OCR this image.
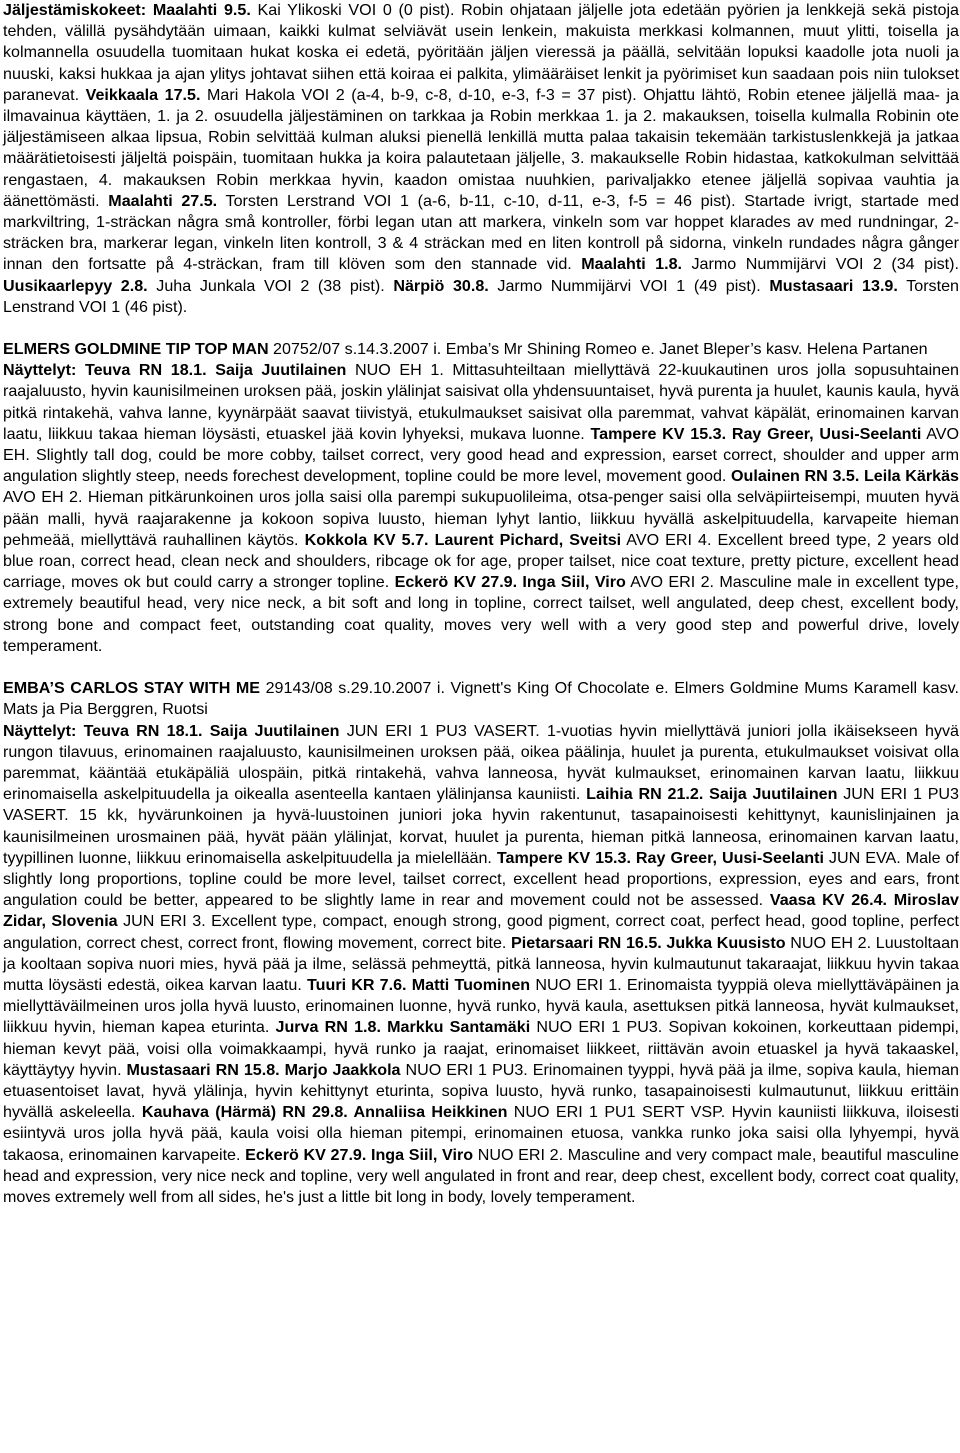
Jäljestämiskokeet: Maalahti 9.5. Kai Ylikoski VOI 0 (0 pist). Robin ohjataan jäljelle jota edetään pyörien ja lenkkejä sekä pistoja tehden, välillä pysähdytään uimaan, kaikki kulmat selviävät usein lenkein, makuista merkkasi kolmannen, muut ylitti, toisella ja kolmannella osuudella tuomitaan hukat koska ei edetä, pyöritään jäljen vieressä ja päällä, selvitään lopuksi kaadolle jota nuoli ja nuuski, kaksi hukkaa ja ajan ylitys johtavat siihen että koiraa ei palkita, ylimääräiset lenkit ja pyörimiset kun saadaan pois niin tulokset paranevat. Veikkaala 17.5. Mari Hakola VOI 2 (a-4, b-9, c-8, d-10, e-3, f-3 = 37 pist). Ohjattu lähtö, Robin etenee jäljellä maa- ja ilmavainua käyttäen, 1. ja 2. osuudella jäljestäminen on tarkkaa ja Robin merkkaa 1. ja 2. makauksen, toisella kulmalla Robinin ote jäljestämiseen alkaa lipsua, Robin selvittää kulman aluksi pienellä lenkillä mutta palaa takaisin tekemään tarkistuslenkkejä ja jatkaa määrätietoisesti jäljeltä poispäin, tuomitaan hukka ja koira palautetaan jäljelle, 3. makaukselle Robin hidastaa, katkokulman selvittää rengastaen, 4. makauksen Robin merkkaa hyvin, kaadon omistaa nuuhkien, parivaljakko etenee jäljellä sopivaa vauhtia ja äänettömästi. Maalahti 27.5. Torsten Lerstrand VOI 1 (a-6, b-11, c-10, d-11, e-3, f-5 = 46 pist). Startade ivrigt, startade med markviltring, 1-sträckan några små kontroller, förbi legan utan att markera, vinkeln som var hoppet klarades av med rundningar, 2-sträcken bra, markerar legan, vinkeln liten kontroll, 3 & 4 sträckan med en liten kontroll på sidorna, vinkeln rundades några gånger innan den fortsatte på 4-sträckan, fram till klöven som den stannade vid. Maalahti 1.8. Jarmo Nummijärvi VOI 2 (34 pist). Uusikaarlepyy 2.8. Juha Junkala VOI 2 (38 pist). Närpiö 30.8. Jarmo Nummijärvi VOI 1 (49 pist). Mustasaari 13.9. Torsten Lenstrand VOI 1 (46 pist).

ELMERS GOLDMINE TIP TOP MAN 20752/07 s.14.3.2007 i. Emba’s Mr Shining Romeo e. Janet Bleper’s kasv. Helena Partanen

Näyttelyt: Teuva RN 18.1. Saija Juutilainen NUO EH 1. Mittasuhteiltaan miellyttävä 22-kuukautinen uros jolla sopusuhtainen raajaluusto, hyvin kaunisilmeinen uroksen pää, joskin ylälinjat saisivat olla yhdensuuntaiset, hyvä purenta ja huulet, kaunis kaula, hyvä pitkä rintakehä, vahva lanne, kyynärpäät saavat tiivistyä, etukulmaukset saisivat olla paremmat, vahvat käpälät, erinomainen karvan laatu, liikkuu takaa hieman löysästi, etuaskel jää kovin lyhyeksi, mukava luonne. Tampere KV 15.3. Ray Greer, Uusi-Seelanti AVO EH. Slightly tall dog, could be more cobby, tailset correct, very good head and expression, earset correct, shoulder and upper arm angulation slightly steep, needs forechest development, topline could be more level, movement good. Oulainen RN 3.5. Leila Kärkäs AVO EH 2. Hieman pitkärunkoinen uros jolla saisi olla parempi sukupuolileima, otsa-penger saisi olla selväpiirteisempi, muuten hyvä pään malli, hyvä raajarakenne ja kokoon sopiva luusto, hieman lyhyt lantio, liikkuu hyvällä askelpituudella, karvapeite hieman pehmeää, miellyttävä rauhallinen käytös. Kokkola KV 5.7. Laurent Pichard, Sveitsi AVO ERI 4. Excellent breed type, 2 years old blue roan, correct head, clean neck and shoulders, ribcage ok for age, proper tailset, nice coat texture, pretty picture, excellent head carriage, moves ok but could carry a stronger topline. Eckerö KV 27.9. Inga Siil, Viro AVO ERI 2. Masculine male in excellent type, extremely beautiful head, very nice neck, a bit soft and long in topline, correct tailset, well angulated, deep chest, excellent body, strong bone and compact feet, outstanding coat quality, moves very well with a very good step and powerful drive, lovely temperament.

EMBA’S CARLOS STAY WITH ME 29143/08 s.29.10.2007 i. Vignett's King Of Chocolate e. Elmers Goldmine Mums Karamell kasv. Mats ja Pia Berggren, Ruotsi

Näyttelyt: Teuva RN 18.1. Saija Juutilainen JUN ERI 1 PU3 VASERT. 1-vuotias hyvin miellyttävä juniori jolla ikäisekseen hyvä rungon tilavuus, erinomainen raajaluusto, kaunisilmeinen uroksen pää, oikea päälinja, huulet ja purenta, etukulmaukset voisivat olla paremmat, kääntää etukäpäliä ulospäin, pitkä rintakehä, vahva lanneosa, hyvät kulmaukset, erinomainen karvan laatu, liikkuu erinomaisella askelpituudella ja oikealla asenteella kantaen ylälinjansa kauniisti. Laihia RN 21.2. Saija Juutilainen JUN ERI 1 PU3 VASERT. 15 kk, hyvärunkoinen ja hyvä-luustoinen juniori joka hyvin rakentunut, tasapainoisesti kehittynyt, kaunislinjainen ja kaunisilmeinen urosmainen pää, hyvät pään ylälinjat, korvat, huulet ja purenta, hieman pitkä lanneosa, erinomainen karvan laatu, tyypillinen luonne, liikkuu erinomaisella askelpituudella ja mielellään. Tampere KV 15.3. Ray Greer, Uusi-Seelanti JUN EVA. Male of slightly long proportions, topline could be more level, tailset correct, excellent head proportions, expression, eyes and ears, front angulation could be better, appeared to be slightly lame in rear and movement could not be assessed. Vaasa KV 26.4. Miroslav Zidar, Slovenia JUN ERI 3. Excellent type, compact, enough strong, good pigment, correct coat, perfect head, good topline, perfect angulation, correct chest, correct front, flowing movement, correct bite. Pietarsaari RN 16.5. Jukka Kuusisto NUO EH 2. Luustoltaan ja kooltaan sopiva nuori mies, hyvä pää ja ilme, selässä pehmeyttä, pitkä lanneosa, hyvin kulmautunut takaraajat, liikkuu hyvin takaa mutta löysästi edestä, oikea karvan laatu. Tuuri KR 7.6. Matti Tuominen NUO ERI 1. Erinomaista tyyppiä oleva miellyttäväpäinen ja miellyttäväilmeinen uros jolla hyvä luusto, erinomainen luonne, hyvä runko, hyvä kaula, asettuksen pitkä lanneosa, hyvät kulmaukset, liikkuu hyvin, hieman kapea eturinta. Jurva RN 1.8. Markku Santamäki NUO ERI 1 PU3. Sopivan kokoinen, korkeuttaan pidempi, hieman kevyt pää, voisi olla voimakkaampi, hyvä runko ja raajat, erinomaiset liikkeet, riittävän avoin etuaskel ja hyvä takaaskel, käyttäytyy hyvin. Mustasaari RN 15.8. Marjo Jaakkola NUO ERI 1 PU3. Erinomainen tyyppi, hyvä pää ja ilme, sopiva kaula, hieman etuasentoiset lavat, hyvä ylälinja, hyvin kehittynyt eturinta, sopiva luusto, hyvä runko, tasapainoisesti kulmautunut, liikkuu erittäin hyvällä askeleella. Kauhava (Härmä) RN 29.8. Annaliisa Heikkinen NUO ERI 1 PU1 SERT VSP. Hyvin kauniisti liikkuva, iloisesti esiintyvä uros jolla hyvä pää, kaula voisi olla hieman pitempi, erinomainen etuosa, vankka runko joka saisi olla lyhyempi, hyvä takaosa, erinomainen karvapeite. Eckerö KV 27.9. Inga Siil, Viro NUO ERI 2. Masculine and very compact male, beautiful masculine head and expression, very nice neck and topline, very well angulated in front and rear, deep chest, excellent body, correct coat quality, moves extremely well from all sides, he's just a little bit long in body, lovely temperament.
